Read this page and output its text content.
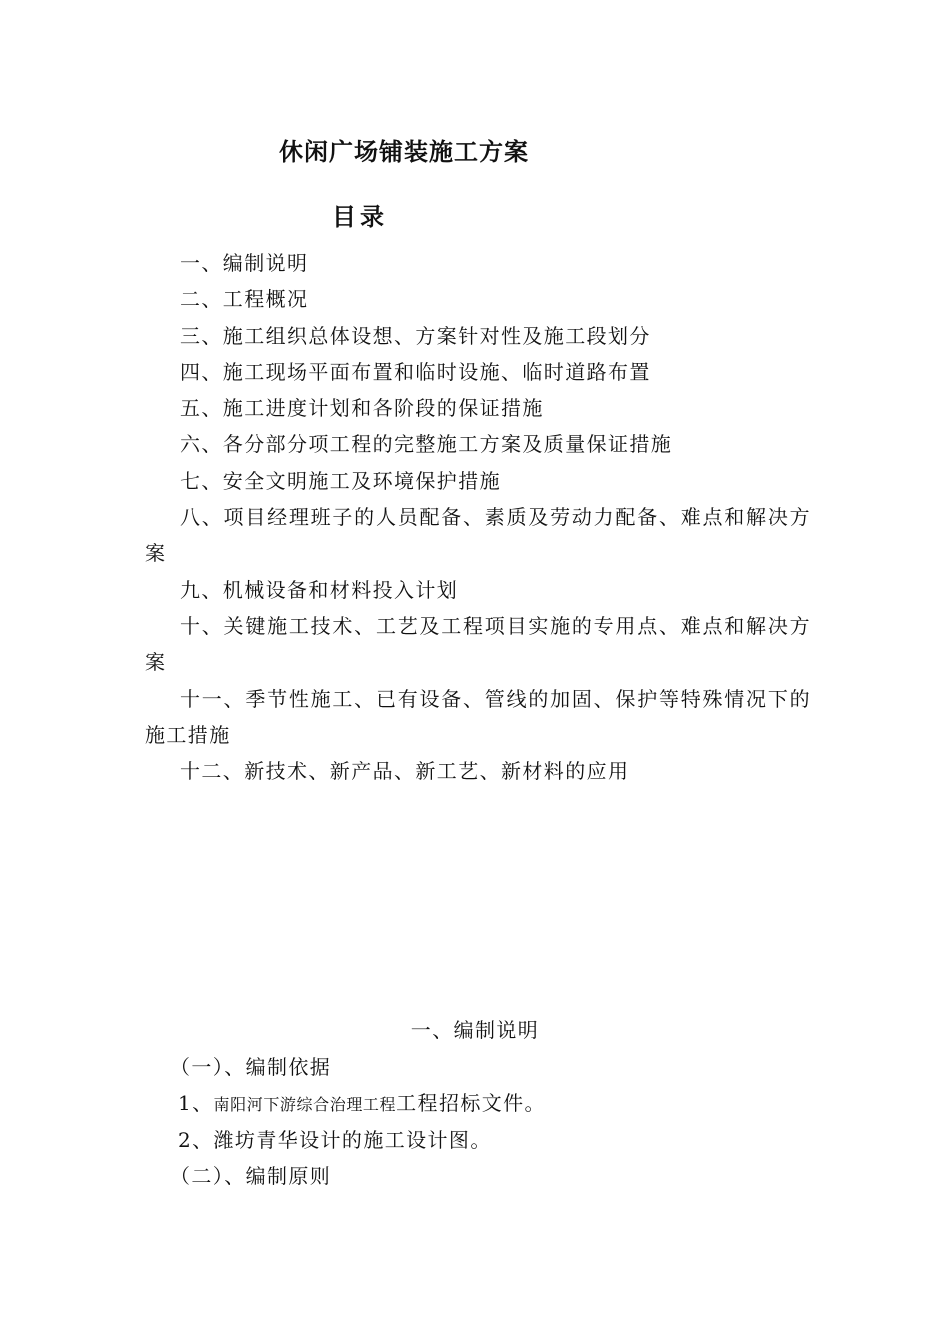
休闲广场铺装施工方案
目录
一、编制说明
二、工程概况
三、施工组织总体设想、方案针对性及施工段划分
四、施工现场平面布置和临时设施、临时道路布置
五、施工进度计划和各阶段的保证措施
六、各分部分项工程的完整施工方案及质量保证措施
七、安全文明施工及环境保护措施
八、项目经理班子的人员配备、素质及劳动力配备、难点和解决方案
九、机械设备和材料投入计划
十、关键施工技术、工艺及工程项目实施的专用点、难点和解决方案
十一、季节性施工、已有设备、管线的加固、保护等特殊情况下的施工措施
十二、新技术、新产品、新工艺、新材料的应用
一、编制说明
（一）、编制依据
1、南阳河下游综合治理工程工程招标文件。
2、潍坊青华设计的施工设计图。
（二）、编制原则
